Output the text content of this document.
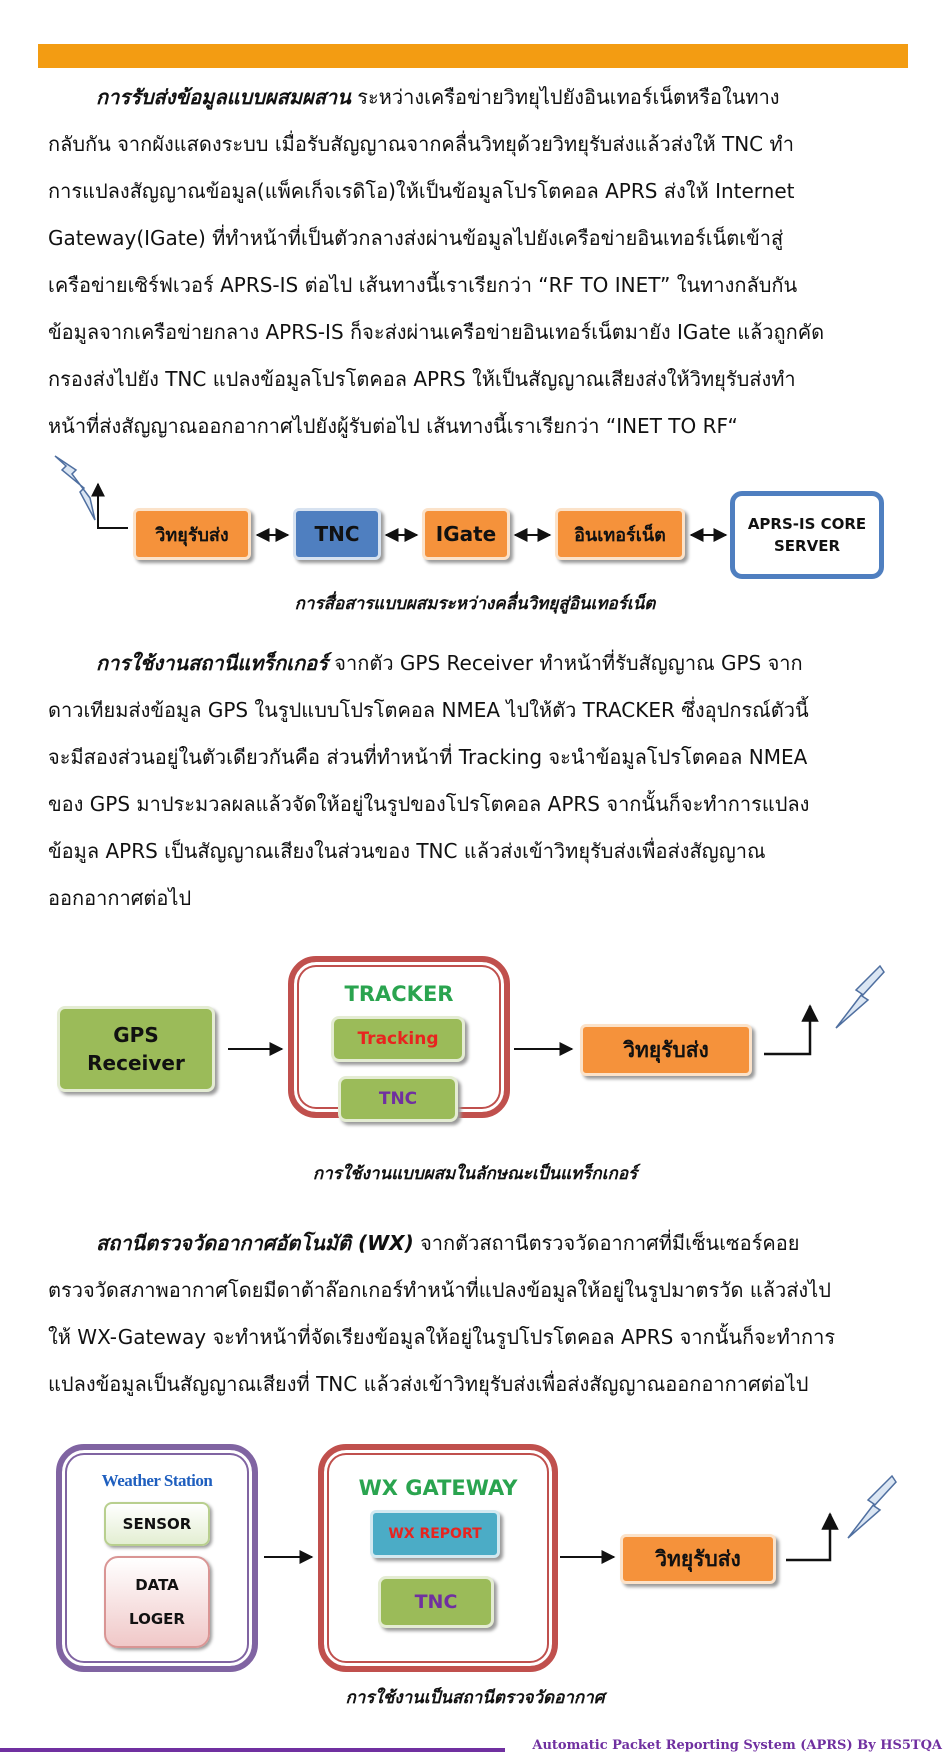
การรับส่งข้อมูลแบบผสมผสาน ระหว่างเครือข่ายวิทยุไปยังอินเทอร์เน็ตหรือในทาง
กลับกัน จากผังแสดงระบบ เมื่อรับสัญญาณจากคลื่นวิทยุด้วยวิทยุรับส่งแล้วส่งให้ TNC ทำ
การแปลงสัญญาณข้อมูล(แพ็คเก็จเรดิโอ)ให้เป็นข้อมูลโปรโตคอล APRS ส่งให้ Internet
Gateway(IGate) ที่ทำหน้าที่เป็นตัวกลางส่งผ่านข้อมูลไปยังเครือข่ายอินเทอร์เน็ตเข้าสู่
เครือข่ายเซิร์ฟเวอร์ APRS-IS ต่อไป เส้นทางนี้เราเรียกว่า “RF TO INET” ในทางกลับกัน
ข้อมูลจากเครือข่ายกลาง APRS-IS ก็จะส่งผ่านเครือข่ายอินเทอร์เน็ตมายัง IGate แล้วถูกคัด
กรองส่งไปยัง TNC แปลงข้อมูลโปรโตคอล APRS ให้เป็นสัญญาณเสียงส่งให้วิทยุรับส่งทำ
หน้าที่ส่งสัญญาณออกอากาศไปยังผู้รับต่อไป เส้นทางนี้เราเรียกว่า “INET TO RF“

วิทยุรับส่ง	TNC	IGate	อินเทอร์เน็ต
APRS-IS CORE
SERVER
การสื่อสารแบบผสมระหว่างคลื่นวิทยุสู่อินเทอร์เน็ต

การใช้งานสถานีแทร็กเกอร์ จากตัว GPS Receiver ทำหน้าที่รับสัญญาณ GPS จาก
ดาวเทียมส่งข้อมูล GPS ในรูปแบบโปรโตคอล NMEA ไปให้ตัว TRACKER ซึ่งอุปกรณ์ตัวนี้
จะมีสองส่วนอยู่ในตัวเดียวกันคือ ส่วนที่ทำหน้าที่ Tracking จะนำข้อมูลโปรโตคอล NMEA
ของ GPS มาประมวลผลแล้วจัดให้อยู่ในรูปของโปรโตคอล APRS จากนั้นก็จะทำการแปลง
ข้อมูล APRS เป็นสัญญาณเสียงในส่วนของ TNC แล้วส่งเข้าวิทยุรับส่งเพื่อส่งสัญญาณ
ออกอากาศต่อไป

GPS
Receiver
TRACKER
Tracking
TNC
วิทยุรับส่ง
การใช้งานแบบผสมในลักษณะเป็นแทร็กเกอร์

สถานีตรวจวัดอากาศอัตโนมัติ (WX) จากตัวสถานีตรวจวัดอากาศที่มีเซ็นเซอร์คอย
ตรวจวัดสภาพอากาศโดยมีดาต้าล๊อกเกอร์ทำหน้าที่แปลงข้อมูลให้อยู่ในรูปมาตรวัด แล้วส่งไป
ให้ WX-Gateway จะทำหน้าที่จัดเรียงข้อมูลให้อยู่ในรูปโปรโตคอล APRS จากนั้นก็จะทำการ
แปลงข้อมูลเป็นสัญญาณเสียงที่ TNC แล้วส่งเข้าวิทยุรับส่งเพื่อส่งสัญญาณออกอากาศต่อไป

Weather Station
SENSOR
DATA
LOGER
WX GATEWAY
WX REPORT
TNC
วิทยุรับส่ง
การใช้งานเป็นสถานีตรวจวัดอากาศ
Automatic Packet Reporting System (APRS) By HS5TQA
